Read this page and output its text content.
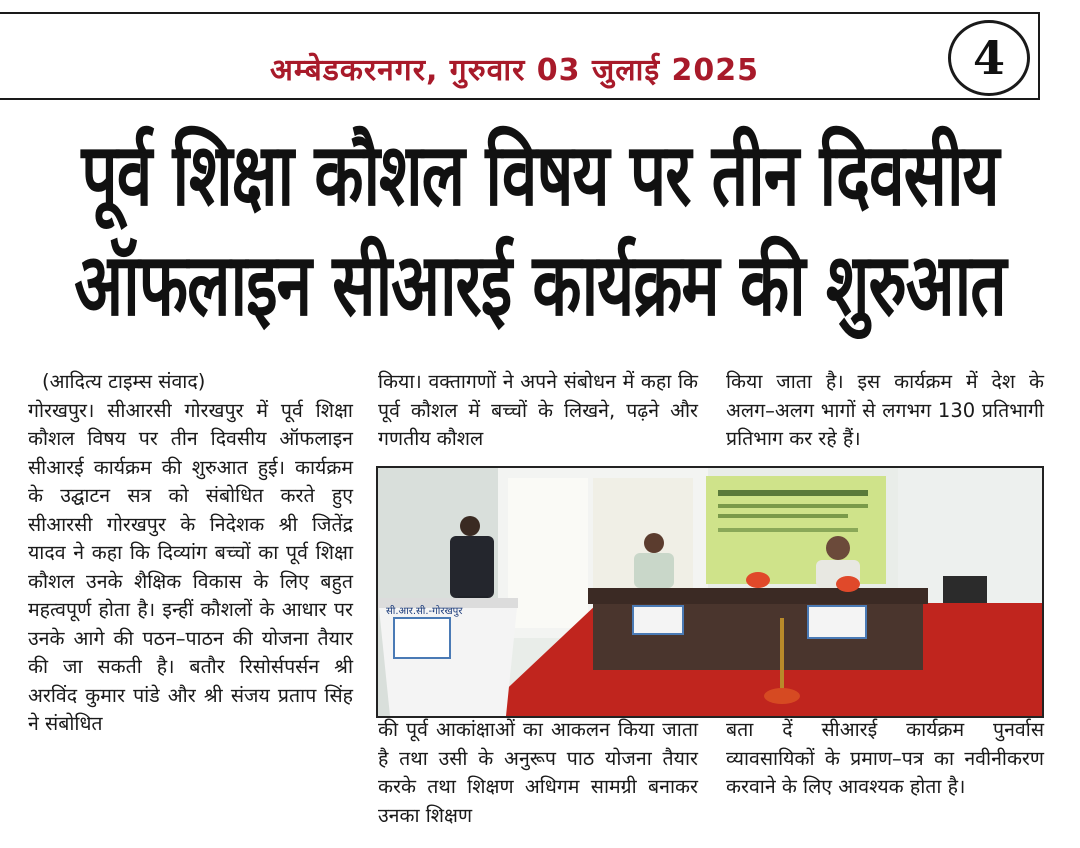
अम्बेडकरनगर, गुरुवार 03 जुलाई 2025	4
पूर्व शिक्षा कौशल विषय पर तीन दिवसीय
ऑफलाइन सीआरई कार्यक्रम की शुरुआत

(आदित्य टाइम्स संवाद)

गोरखपुर। सीआरसी गोरखपुर में पूर्व शिक्षा कौशल विषय पर तीन दिवसीय ऑफलाइन सीआरई कार्यक्रम की शुरुआत हुई। कार्यक्रम के उद्घाटन सत्र को संबोधित करते हुए सीआरसी गोरखपुर के निदेशक श्री जितेंद्र यादव ने कहा कि दिव्यांग बच्चों का पूर्व शिक्षा कौशल उनके शैक्षिक विकास के लिए बहुत महत्वपूर्ण होता है। इन्हीं कौशलों के आधार पर उनके आगे की पठन–पाठन की योजना तैयार की जा सकती है। बतौर रिसोर्सपर्सन श्री अरविंद कुमार पांडे और श्री संजय प्रताप सिंह ने संबोधित

किया। वक्तागणों ने अपने संबोधन में कहा कि पूर्व कौशल में बच्चों के लिखने, पढ़ने और गणतीय कौशल

किया जाता है। इस कार्यक्रम में देश के अलग–अलग भागों से लगभग 130 प्रतिभागी प्रतिभाग कर रहे हैं।

सी.आर.सी.-गोरखपुर

की पूर्व आकांक्षाओं का आकलन किया जाता है तथा उसी के अनुरूप पाठ योजना तैयार करके तथा शिक्षण अधिगम सामग्री बनाकर उनका शिक्षण

बता दें सीआरई कार्यक्रम पुनर्वास व्यावसायिकों के प्रमाण–पत्र का नवीनीकरण करवाने के लिए आवश्यक होता है।
